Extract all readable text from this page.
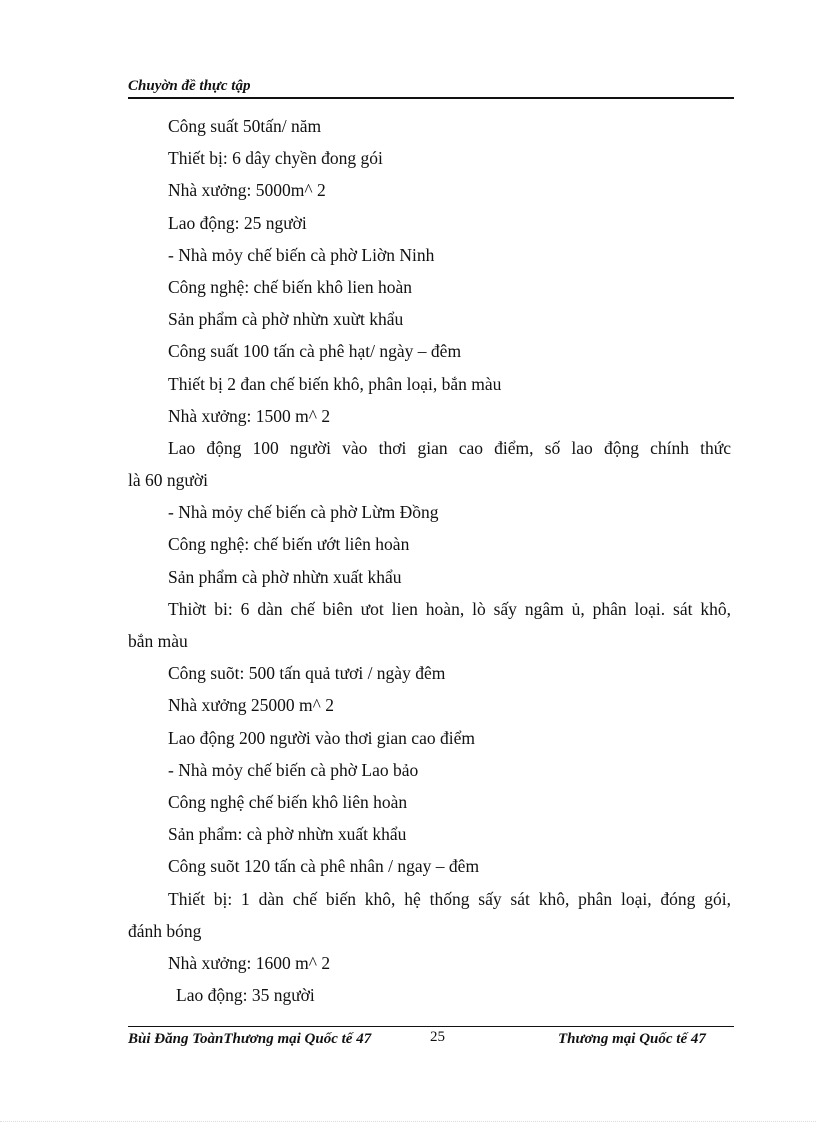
Chuyờn đề thực tập
Công suất 50tấn/ năm
Thiết bị: 6 dây chyền đong gói
Nhà xưởng: 5000m^ 2
Lao động: 25 người
- Nhà mỏy chế biến cà phờ Liờn Ninh
Công nghệ: chế biến khô lien hoàn
Sản phẩm cà phờ nhừn xuừt khẩu
Công suất 100 tấn cà phê hạt/ ngày – đêm
Thiết bị 2 đan chế biến khô, phân loại, bắn màu
Nhà xưởng: 1500 m^ 2
Lao động 100 người vào thơi gian cao điểm, số lao động chính thức
là 60 người
- Nhà mỏy chế biến cà phờ Lừm Đồng
Công nghệ: chế biến ướt liên hoàn
Sản phẩm cà phờ nhừn xuất khẩu
Thiờt bi: 6 dàn chế biên ưot lien hoàn, lò sấy ngâm ủ, phân loại. sát khô,
bắn màu
Công suõt: 500 tấn quả tươi / ngày đêm
Nhà xưởng 25000 m^ 2
Lao động 200 người vào thơi gian cao điểm
- Nhà mỏy chế biến cà phờ Lao bảo
Công nghệ chế biến khô liên hoàn
Sản phẩm: cà phờ nhừn xuất khẩu
Công suõt 120 tấn cà phê nhân / ngay – đêm
Thiết bị: 1 dàn chế biến khô, hệ thống sấy sát khô, phân loại, đóng gói,
đánh bóng
Nhà xưởng: 1600 m^ 2
Lao động: 35 người
Bùi Đăng ToànThương mại Quốc tế 47	25	Thương mại Quốc tế 47
